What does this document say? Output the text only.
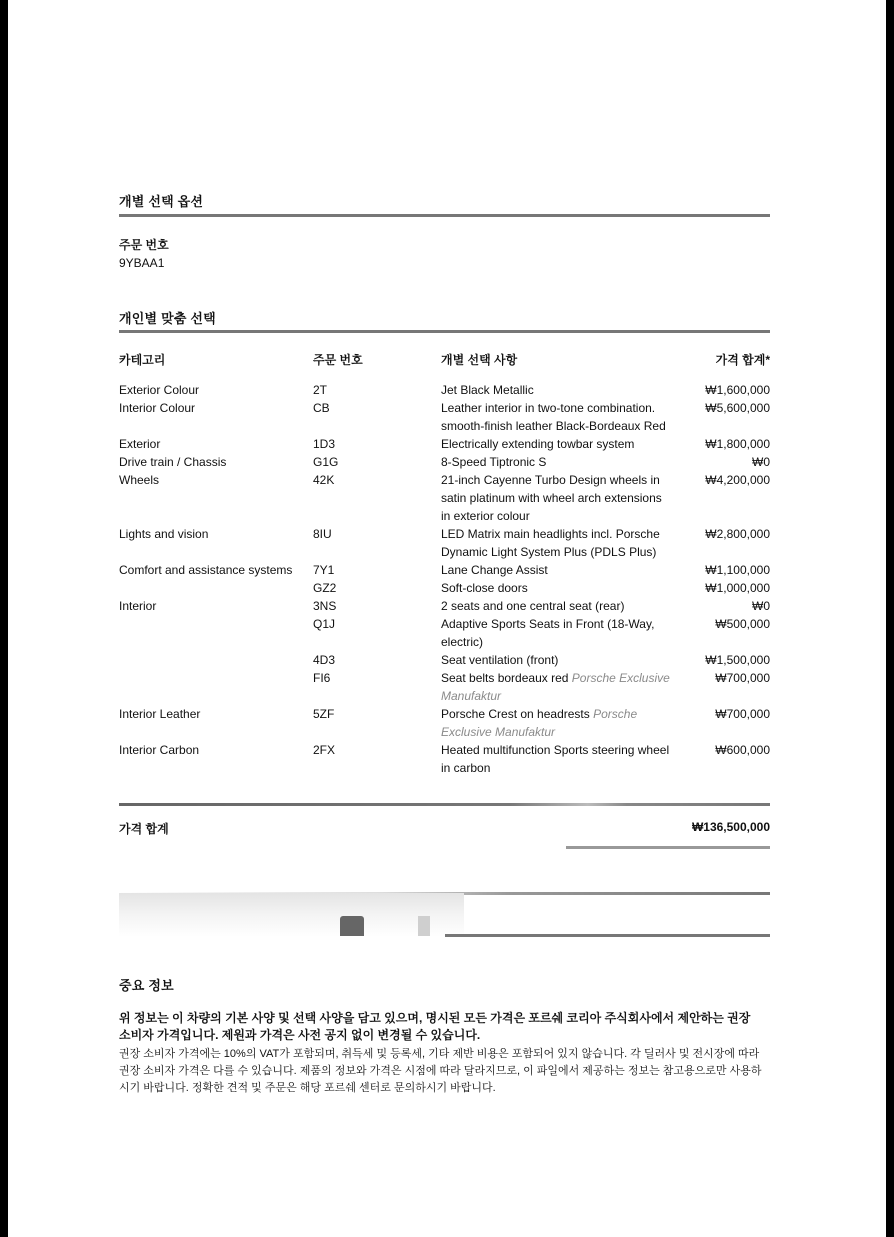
개별 선택 옵션
주문 번호
9YBAA1
개인별 맞춤 선택
카테고리	주문 번호	개별 선택 사항	가격 합계*
Exterior Colour	2T	Jet Black Metallic	₩1,600,000
Interior Colour	CB	Leather interior in two-tone combination. smooth-finish leather Black-Bordeaux Red	₩5,600,000
Exterior	1D3	Electrically extending towbar system	₩1,800,000
Drive train / Chassis	G1G	8-Speed Tiptronic S	₩0
Wheels	42K	21-inch Cayenne Turbo Design wheels in satin platinum with wheel arch extensions in exterior colour	₩4,200,000
Lights and vision	8IU	LED Matrix main headlights incl. Porsche Dynamic Light System Plus (PDLS Plus)	₩2,800,000
Comfort and assistance systems	7Y1	Lane Change Assist	₩1,100,000
	GZ2	Soft-close doors	₩1,000,000
Interior	3NS	2 seats and one central seat (rear)	₩0
	Q1J	Adaptive Sports Seats in Front (18-Way, electric)	₩500,000
	4D3	Seat ventilation (front)	₩1,500,000
	FI6	Seat belts bordeaux red Porsche Exclusive Manufaktur	₩700,000
Interior Leather	5ZF	Porsche Crest on headrests Porsche Exclusive Manufaktur	₩700,000
Interior Carbon	2FX	Heated multifunction Sports steering wheel in carbon	₩600,000
가격 합계	₩136,500,000
중요 정보
위 정보는 이 차량의 기본 사양 및 선택 사양을 담고 있으며, 명시된 모든 가격은 포르쉐 코리아 주식회사에서 제안하는 권장 소비자 가격입니다. 제원과 가격은 사전 공지 없이 변경될 수 있습니다.
권장 소비자 가격에는 10%의 VAT가 포함되며, 취득세 및 등록세, 기타 제반 비용은 포함되어 있지 않습니다. 각 딜러사 및 전시장에 따라 권장 소비자 가격은 다를 수 있습니다. 제품의 정보와 가격은 시점에 따라 달라지므로, 이 파일에서 제공하는 정보는 참고용으로만 사용하시기 바랍니다. 정확한 견적 및 주문은 해당 포르쉐 센터로 문의하시기 바랍니다.
